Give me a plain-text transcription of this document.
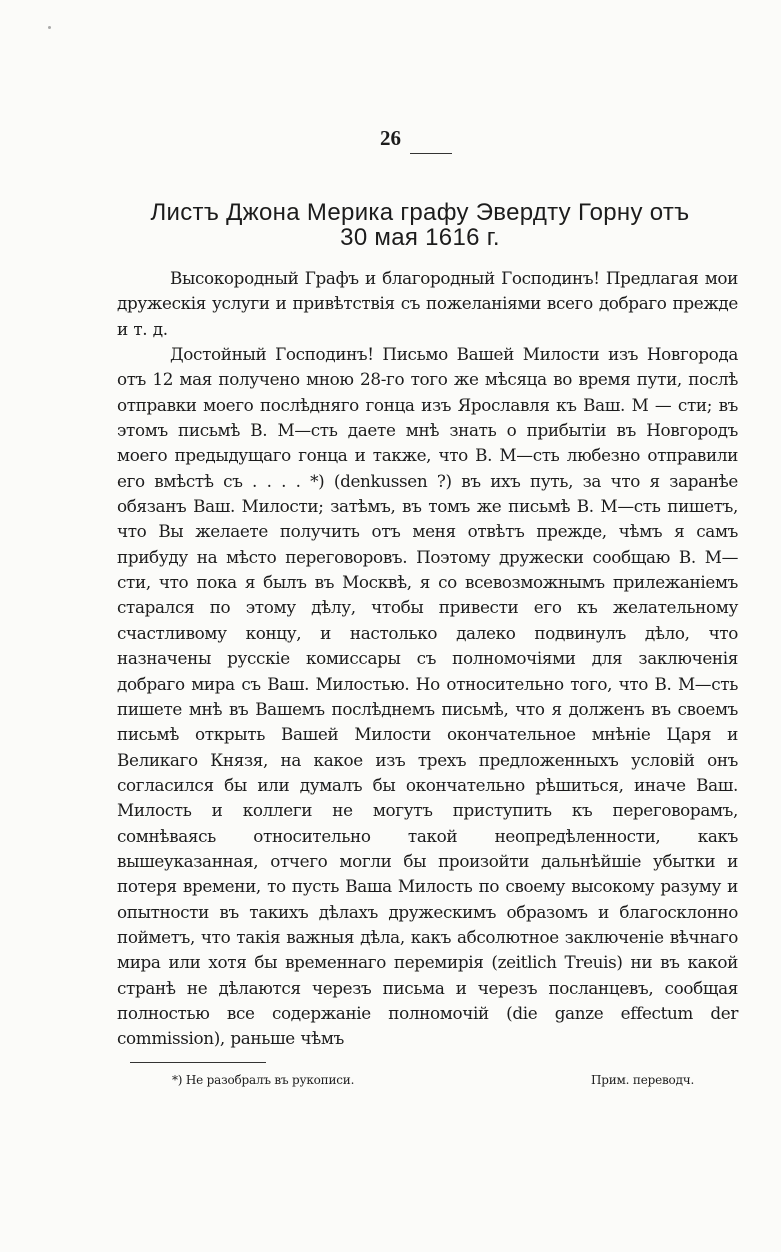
26
Листъ Джона Мерика графу Эвердту Горну отъ
30 мая 1616 г.

Высокородный Графъ и благородный Господинъ! Предлагая мои дружескія услуги и привѣтствія съ пожеланіями всего добраго прежде и т. д.

Достойный Господинъ! Письмо Вашей Милости изъ Новгорода отъ 12 мая получено мною 28-го того же мѣсяца во время пути, послѣ отправки моего послѣдняго гонца изъ Ярославля къ Ваш. М — сти; въ этомъ письмѣ В. М—сть даете мнѣ знать о прибытіи въ Новгородъ моего предыдущаго гонца и также, что В. М—сть любезно отправили его вмѣстѣ съ . . . . *) (denkussen ?) въ ихъ путь, за что я заранѣе обязанъ Ваш. Милости; затѣмъ, въ томъ же письмѣ В. М—сть пишетъ, что Вы желаете получить отъ меня отвѣтъ прежде, чѣмъ я самъ прибуду на мѣсто переговоровъ. Поэтому дружески сообщаю В. М—сти, что пока я былъ въ Москвѣ, я со всевозможнымъ прилежаніемъ старался по этому дѣлу, чтобы привести его къ желательному счастливому концу, и настолько далеко подвинулъ дѣло, что назначены русскіе комиссары съ полномочіями для заключенія добраго мира съ Ваш. Милостью. Но относительно того, что В. М—сть пишете мнѣ въ Вашемъ послѣднемъ письмѣ, что я долженъ въ своемъ письмѣ открыть Вашей Милости окончательное мнѣніе Царя и Великаго Князя, на какое изъ трехъ предложенныхъ условій онъ согласился бы или думалъ бы окончательно рѣшиться, иначе Ваш. Милость и коллеги не могутъ приступить къ переговорамъ, сомнѣваясь относительно такой неопредѣленности, какъ вышеуказанная, отчего могли бы произойти дальнѣйшіе убытки и потеря времени, то пусть Ваша Милость по своему высокому разуму и опытности въ такихъ дѣлахъ дружескимъ образомъ и благосклонно пойметъ, что такія важныя дѣла, какъ абсолютное заключеніе вѣчнаго мира или хотя бы временнаго перемирія (zeitlich Treuis) ни въ какой странѣ не дѣлаются черезъ письма и черезъ посланцевъ, сообщая полностью все содержаніе полномочій (die ganze effectum der commission), раньше чѣмъ

*) Не разобралъ въ рукописи.	Прим. переводч.
